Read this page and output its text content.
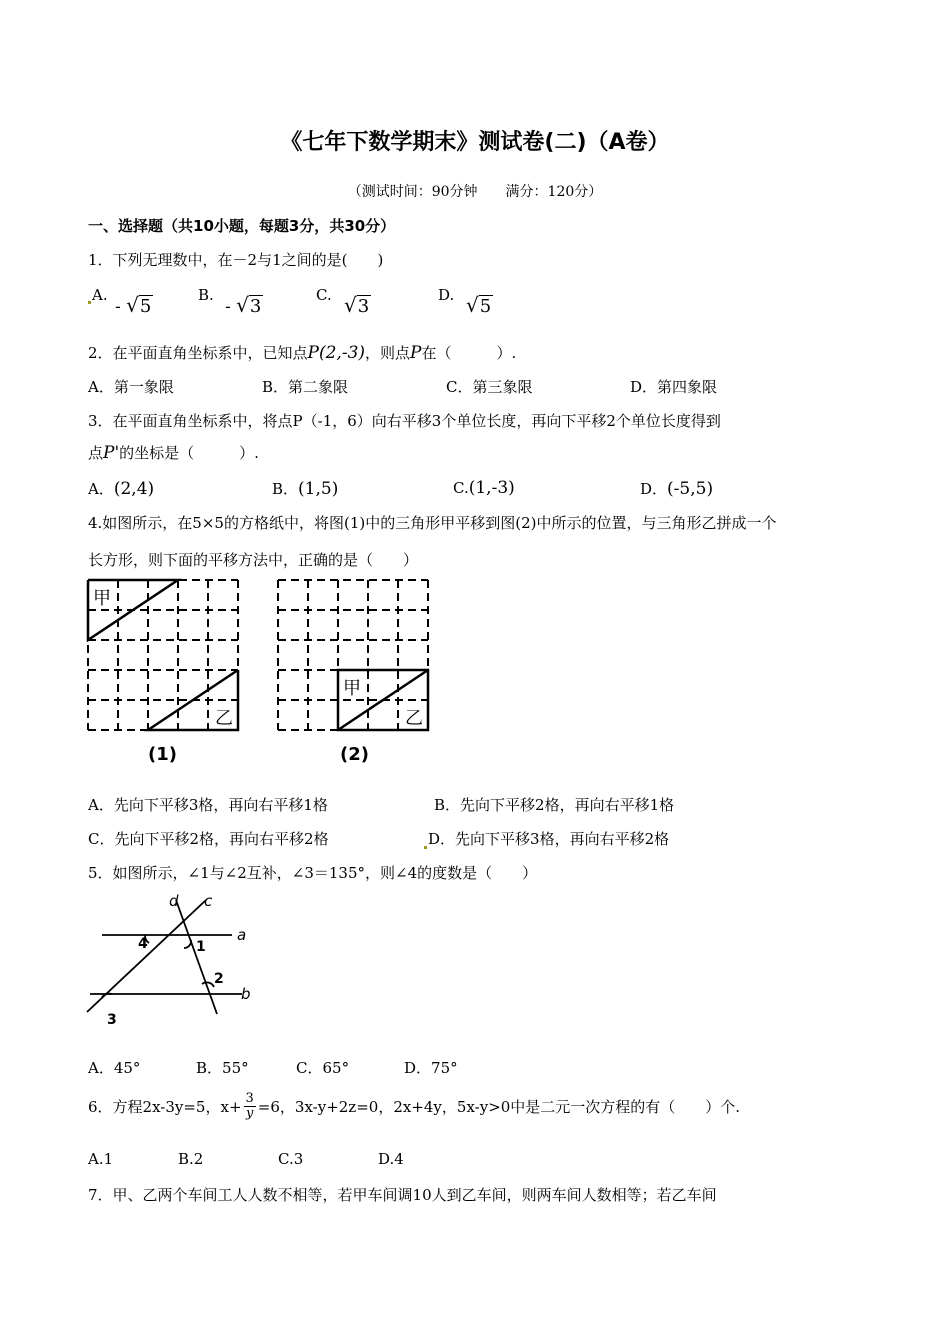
《七年下数学期末》测试卷(二)（A卷）
（测试时间：90分钟　　满分：120分）
一、选择题（共10小题，每题3分，共30分）
1．下列无理数中，在－2与1之间的是(　　)
A.
- √5
B.
- √3
C. √3
D. √5
2．在平面直角坐标系中，已知点P(2,-3)，则点P在（　　　）.
A．第一象限	B．第二象限	C．第三象限	D．第四象限
3．在平面直角坐标系中，将点P（-1，6）向右平移3个单位长度，再向下平移2个单位长度得到
点P'的坐标是（　　　）.
A．(2,4)	B．(1,5)	C.(1,-3)	D．(-5,5)
4.如图所示，在5×5的方格纸中，将图(1)中的三角形甲平移到图(2)中所示的位置，与三角形乙拼成一个
长方形，则下面的平移方法中，正确的是（　　）
甲
乙
(1)
甲
乙
(2)
A．先向下平移3格，再向右平移1格	B．先向下平移2格，再向右平移1格
C．先向下平移2格，再向右平移2格	D．先向下平移3格，再向右平移2格
5．如图所示，∠1与∠2互补，∠3＝135°，则∠4的度数是（　　）
d c
a
b
1
2
3
4
A．45°	B．55°	C．65°	D．75°
6．方程2x-3y=5，$x+ \frac{3}{y} =6$，3x-y+2z=0，2x+4y，5x-y>0中是二元一次方程的有（　　）个.
A.1	B.2	C.3	D.4
7．甲、乙两个车间工人人数不相等，若甲车间调10人到乙车间，则两车间人数相等；若乙车间
